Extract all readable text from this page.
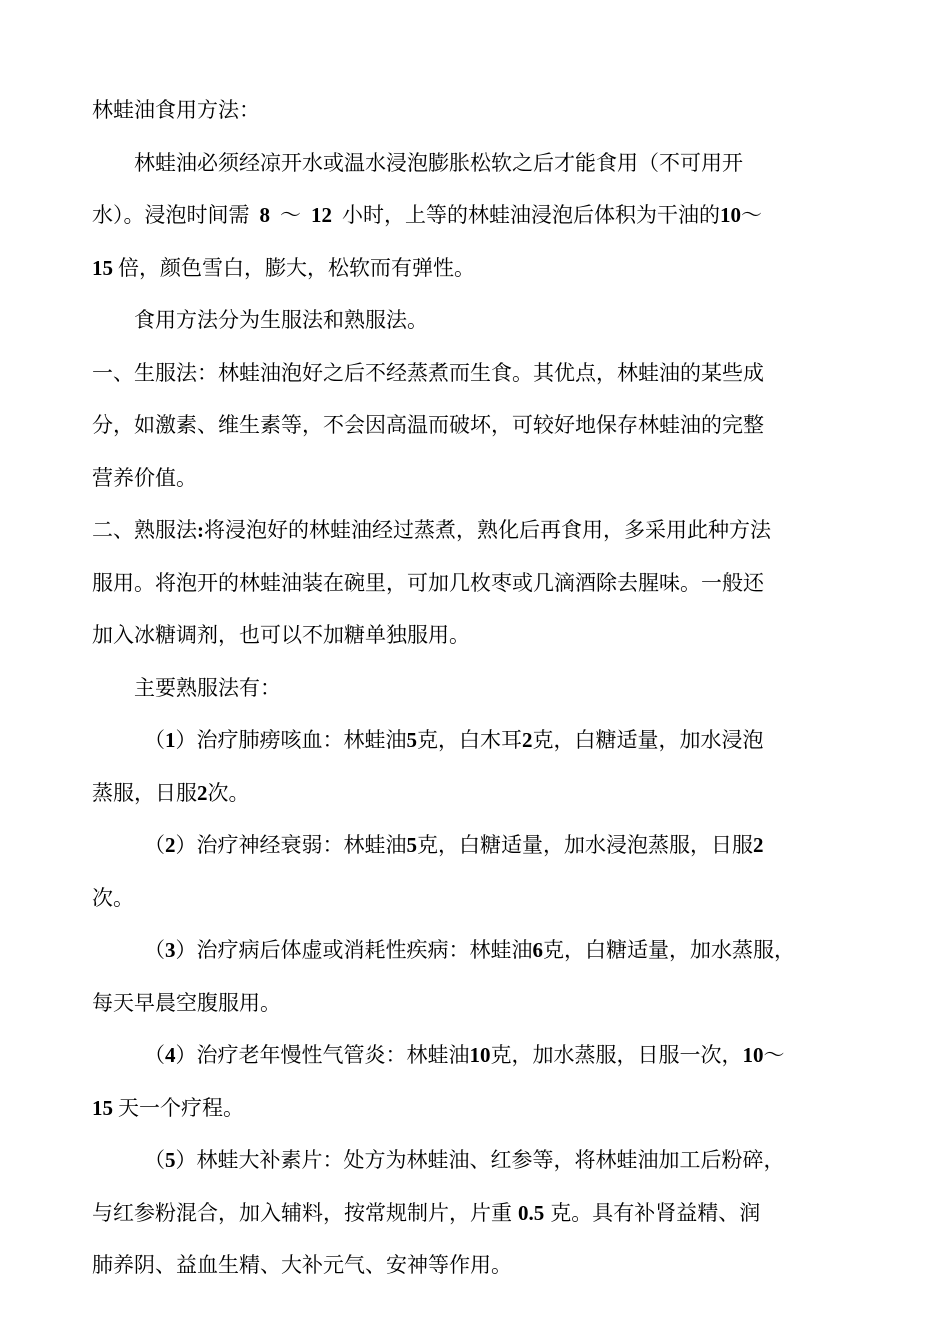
林蛙油食用方法：
林蛙油必须经凉开水或温水浸泡膨胀松软之后才能食用（不可用开
水）。浸泡时间需 8 ～ 12 小时，上等的林蛙油浸泡后体积为干油的10～
15 倍，颜色雪白，膨大，松软而有弹性。
食用方法分为生服法和熟服法。
一、生服法：林蛙油泡好之后不经蒸煮而生食。其优点，林蛙油的某些成
分，如激素、维生素等，不会因高温而破坏，可较好地保存林蛙油的完整
营养价值。
二、熟服法:将浸泡好的林蛙油经过蒸煮，熟化后再食用，多采用此种方法
服用。将泡开的林蛙油装在碗里，可加几枚枣或几滴酒除去腥味。一般还
加入冰糖调剂，也可以不加糖单独服用。
主要熟服法有：
（1）治疗肺痨咳血：林蛙油5克，白木耳2克，白糖适量，加水浸泡
蒸服，日服2次。
（2）治疗神经衰弱：林蛙油5克，白糖适量，加水浸泡蒸服，日服2
次。
（3）治疗病后体虚或消耗性疾病：林蛙油6克，白糖适量，加水蒸服，
每天早晨空腹服用。
（4）治疗老年慢性气管炎：林蛙油10克，加水蒸服，日服一次，10～
15 天一个疗程。
（5）林蛙大补素片：处方为林蛙油、红参等，将林蛙油加工后粉碎，
与红参粉混合，加入辅料，按常规制片，片重 0.5 克。具有补肾益精、润
肺养阴、益血生精、大补元气、安神等作用。
